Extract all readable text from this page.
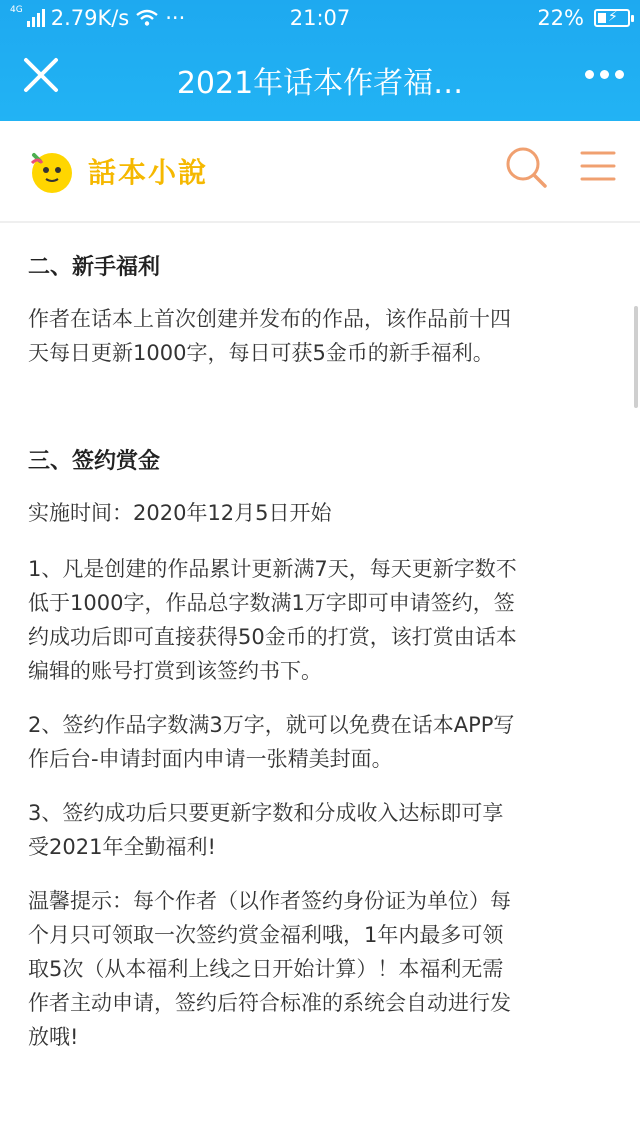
4G 2.79K/s ···	21:07	22% ⚡
2021年话本作者福…
話本小說
二、新手福利
作者在话本上首次创建并发布的作品，该作品前十四
天每日更新1000字，每日可获5金币的新手福利。
三、签约赏金
实施时间：2020年12月5日开始
1、凡是创建的作品累计更新满7天，每天更新字数不
低于1000字，作品总字数满1万字即可申请签约，签
约成功后即可直接获得50金币的打赏，该打赏由话本
编辑的账号打赏到该签约书下。
2、签约作品字数满3万字，就可以免费在话本APP写
作后台-申请封面内申请一张精美封面。
3、签约成功后只要更新字数和分成收入达标即可享
受2021年全勤福利!
温馨提示：每个作者（以作者签约身份证为单位）每
个月只可领取一次签约赏金福利哦，1年内最多可领
取5次（从本福利上线之日开始计算）！本福利无需
作者主动申请，签约后符合标准的系统会自动进行发
放哦!
